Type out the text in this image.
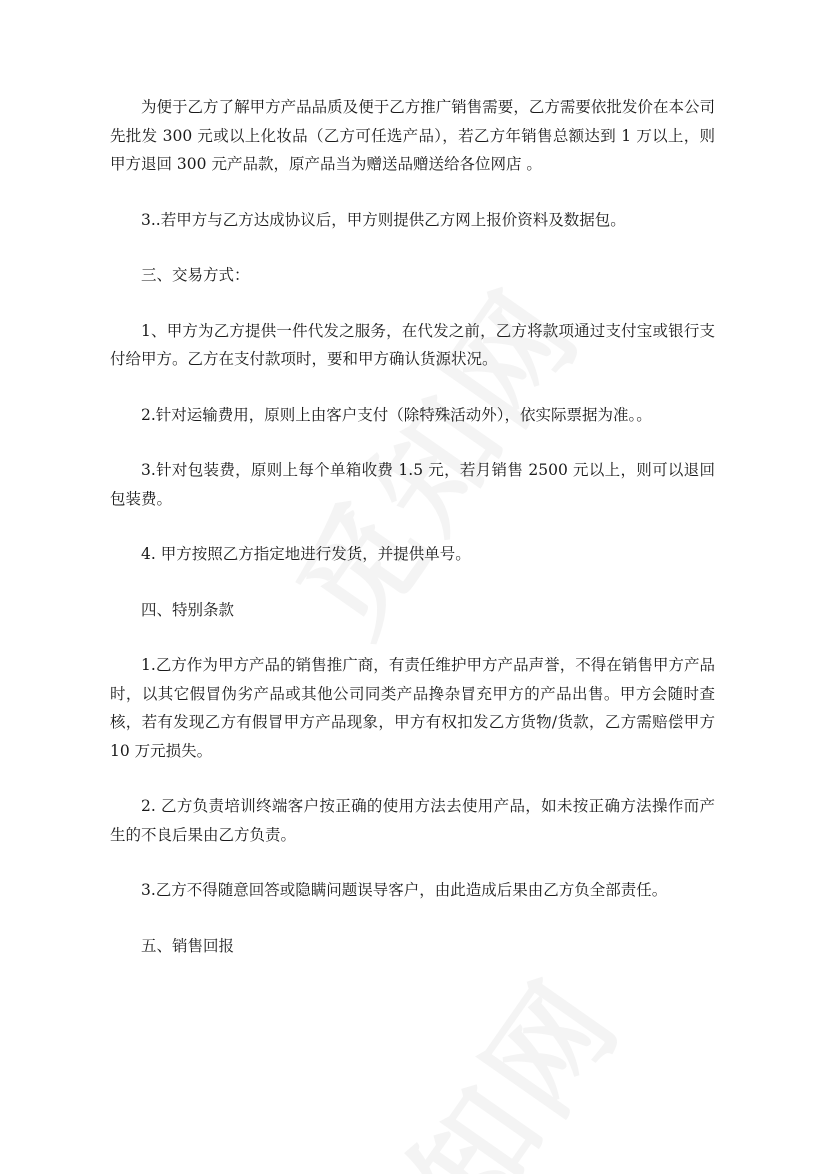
为便于乙方了解甲方产品品质及便于乙方推广销售需要，乙方需要依批发价在本公司先批发 300 元或以上化妆品（乙方可任选产品），若乙方年销售总额达到 1 万以上，则甲方退回 300 元产品款，原产品当为赠送品赠送给各位网店 。

3..若甲方与乙方达成协议后，甲方则提供乙方网上报价资料及数据包。

三、交易方式：

1、甲方为乙方提供一件代发之服务，在代发之前，乙方将款项通过支付宝或银行支付给甲方。乙方在支付款项时，要和甲方确认货源状况。

2.针对运输费用，原则上由客户支付（除特殊活动外），依实际票据为准。。

3.针对包装费，原则上每个单箱收费 1.5 元，若月销售 2500 元以上，则可以退回包装费。

4. 甲方按照乙方指定地进行发货，并提供单号。

四、特别条款

1.乙方作为甲方产品的销售推广商，有责任维护甲方产品声誉，不得在销售甲方产品时，以其它假冒伪劣产品或其他公司同类产品搀杂冒充甲方的产品出售。甲方会随时查核，若有发现乙方有假冒甲方产品现象，甲方有权扣发乙方货物/货款，乙方需赔偿甲方 10 万元损失。

2. 乙方负责培训终端客户按正确的使用方法去使用产品，如未按正确方法操作而产生的不良后果由乙方负责。

3.乙方不得随意回答或隐瞒问题误导客户，由此造成后果由乙方负全部责任。

五、销售回报
